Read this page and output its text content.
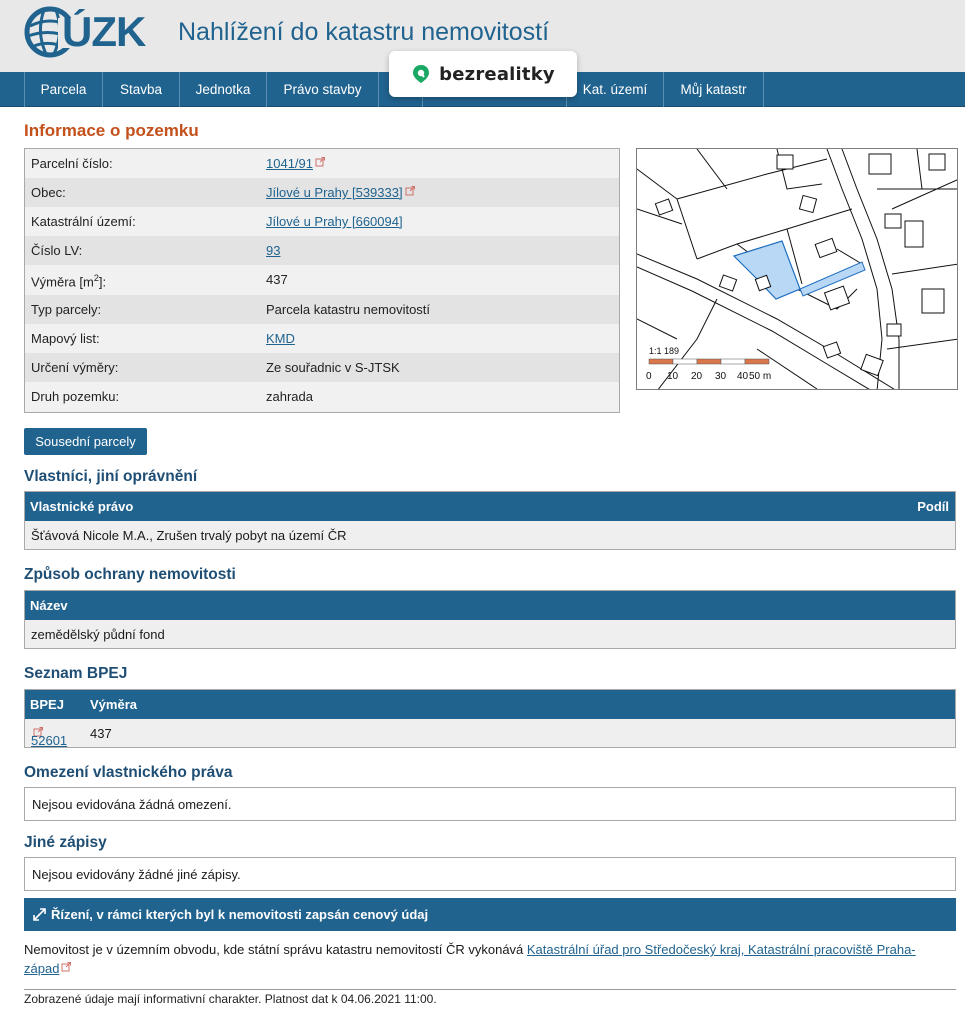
ÚZK Nahlížení do katastru nemovitostí
Parcela	Stavba	Jednotka	Právo stavby	Kat. území	Můj katastr
bezrealitky
Informace o pozemku
Parcelní číslo:	1041/91
Obec:	Jílové u Prahy [539333]
Katastrální území:	Jílové u Prahy [660094]
Číslo LV:	93
Výměra $[m^2]$:	437
Typ parcely:	Parcela katastru nemovitostí
Mapový list:	KMD
Určení výměry:	Ze souřadnic v S-JTSK
Druh pozemku:	zahrada
1:1 189
0 10 20 30 40 50 m
Sousední parcely
Vlastníci, jiní oprávnění
Vlastnické právo	Podíl
Šťávová Nicole M.A., Zrušen trvalý pobyt na území ČR
Způsob ochrany nemovitosti
Název
zemědělský půdní fond
Seznam BPEJ
BPEJ Výměra
52601 437
Omezení vlastnického práva
Nejsou evidována žádná omezení.
Jiné zápisy
Nejsou evidovány žádné jiné zápisy.
Řízení, v rámci kterých byl k nemovitosti zapsán cenový údaj
Nemovitost je v územním obvodu, kde státní správu katastru nemovitostí ČR vykonává Katastrální úřad pro Středočeský kraj, Katastrální pracoviště Praha-západ
Zobrazené údaje mají informativní charakter. Platnost dat k 04.06.2021 11:00.
